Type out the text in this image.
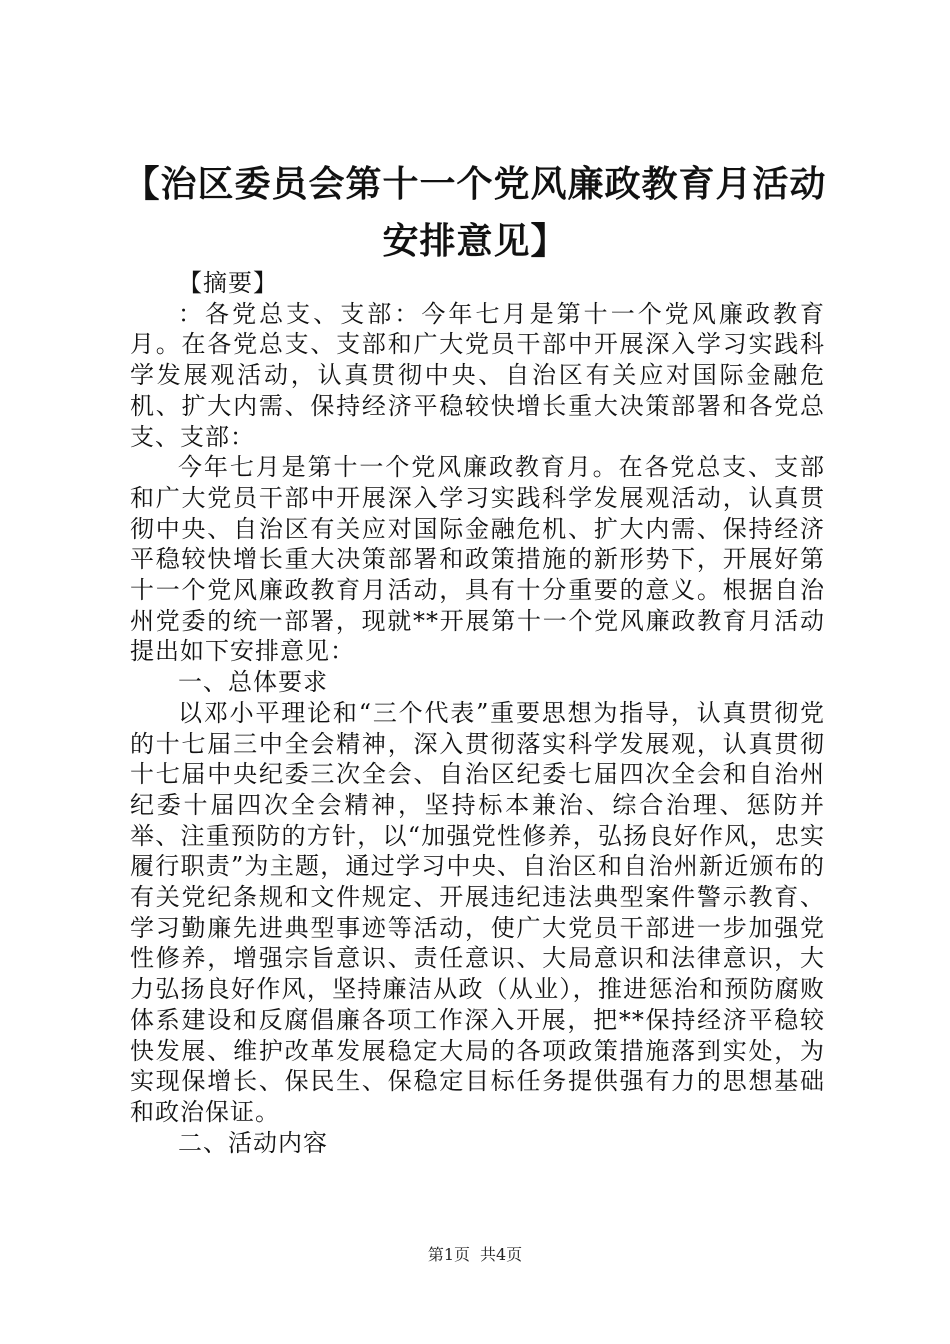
【治区委员会第十一个党风廉政教育月活动安排意见】

【摘要】

：各党总支、支部：今年七月是第十一个党风廉政教育月。在各党总支、支部和广大党员干部中开展深入学习实践科学发展观活动，认真贯彻中央、自治区有关应对国际金融危机、扩大内需、保持经济平稳较快增长重大决策部署和各党总支、支部：

今年七月是第十一个党风廉政教育月。在各党总支、支部和广大党员干部中开展深入学习实践科学发展观活动，认真贯彻中央、自治区有关应对国际金融危机、扩大内需、保持经济平稳较快增长重大决策部署和政策措施的新形势下，开展好第十一个党风廉政教育月活动，具有十分重要的意义。根据自治州党委的统一部署，现就**开展第十一个党风廉政教育月活动提出如下安排意见：

一、总体要求

以邓小平理论和“三个代表”重要思想为指导，认真贯彻党的十七届三中全会精神，深入贯彻落实科学发展观，认真贯彻十七届中央纪委三次全会、自治区纪委七届四次全会和自治州纪委十届四次全会精神，坚持标本兼治、综合治理、惩防并举、注重预防的方针，以“加强党性修养，弘扬良好作风，忠实履行职责”为主题，通过学习中央、自治区和自治州新近颁布的有关党纪条规和文件规定、开展违纪违法典型案件警示教育、学习勤廉先进典型事迹等活动，使广大党员干部进一步加强党性修养，增强宗旨意识、责任意识、大局意识和法律意识，大力弘扬良好作风，坚持廉洁从政（从业），推进惩治和预防腐败体系建设和反腐倡廉各项工作深入开展，把**保持经济平稳较快发展、维护改革发展稳定大局的各项政策措施落到实处，为实现保增长、保民生、保稳定目标任务提供强有力的思想基础和政治保证。

二、活动内容

第1页 共4页
